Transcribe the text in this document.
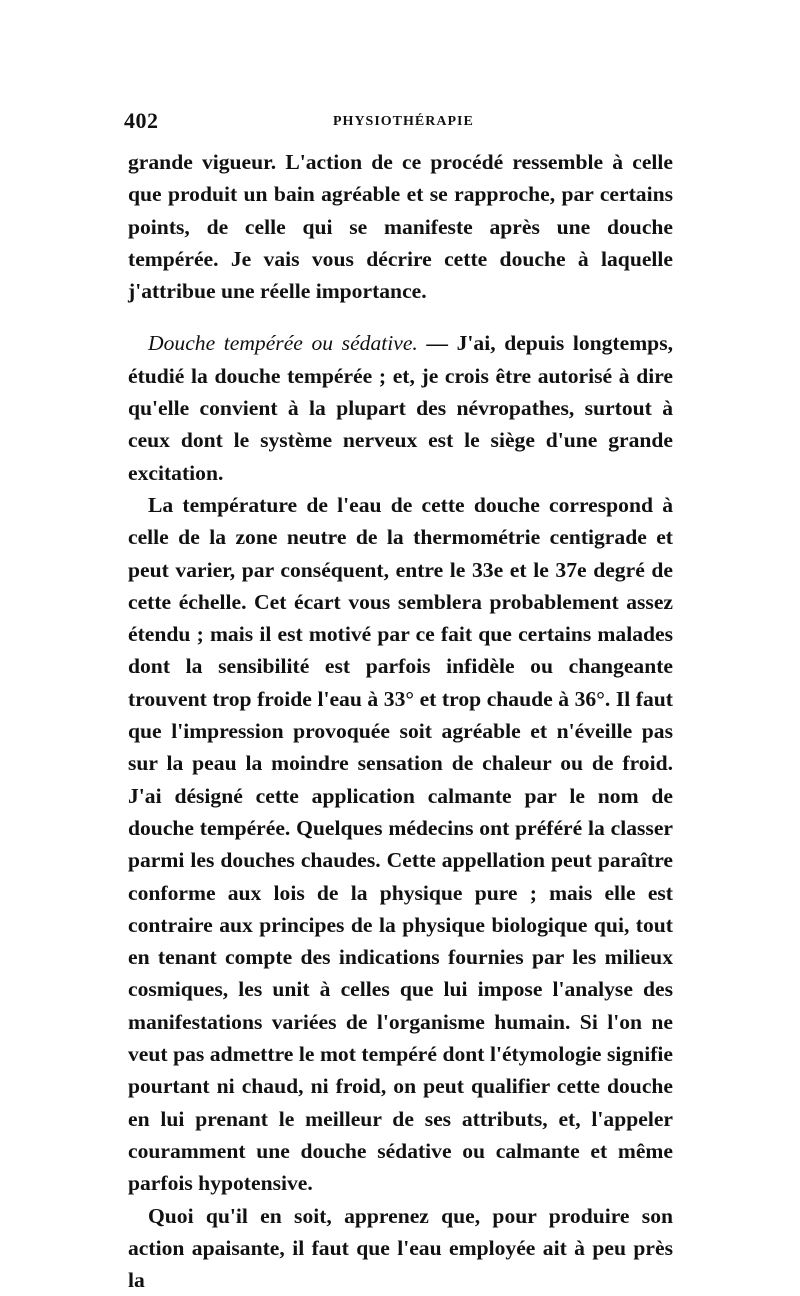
402	PHYSIOTHÉRAPIE

grande vigueur. L'action de ce procédé ressemble à celle que produit un bain agréable et se rapproche, par certains points, de celle qui se manifeste après une douche tempérée. Je vais vous décrire cette douche à laquelle j'attribue une réelle importance.

Douche tempérée ou sédative. — J'ai, depuis longtemps, étudié la douche tempérée ; et, je crois être autorisé à dire qu'elle convient à la plupart des névropathes, surtout à ceux dont le système nerveux est le siège d'une grande excitation.

La température de l'eau de cette douche correspond à celle de la zone neutre de la thermométrie centigrade et peut varier, par conséquent, entre le 33e et le 37e degré de cette échelle. Cet écart vous semblera probablement assez étendu ; mais il est motivé par ce fait que certains malades dont la sensibilité est parfois infidèle ou changeante trouvent trop froide l'eau à 33° et trop chaude à 36°. Il faut que l'impression provoquée soit agréable et n'éveille pas sur la peau la moindre sensation de chaleur ou de froid. J'ai désigné cette application calmante par le nom de douche tempérée. Quelques médecins ont préféré la classer parmi les douches chaudes. Cette appellation peut paraître conforme aux lois de la physique pure ; mais elle est contraire aux principes de la physique biologique qui, tout en tenant compte des indications fournies par les milieux cosmiques, les unit à celles que lui impose l'analyse des manifestations variées de l'organisme humain. Si l'on ne veut pas admettre le mot tempéré dont l'étymologie signifie pourtant ni chaud, ni froid, on peut qualifier cette douche en lui prenant le meilleur de ses attributs, et, l'appeler couramment une douche sédative ou calmante et même parfois hypotensive.

Quoi qu'il en soit, apprenez que, pour produire son action apaisante, il faut que l'eau employée ait à peu près la
